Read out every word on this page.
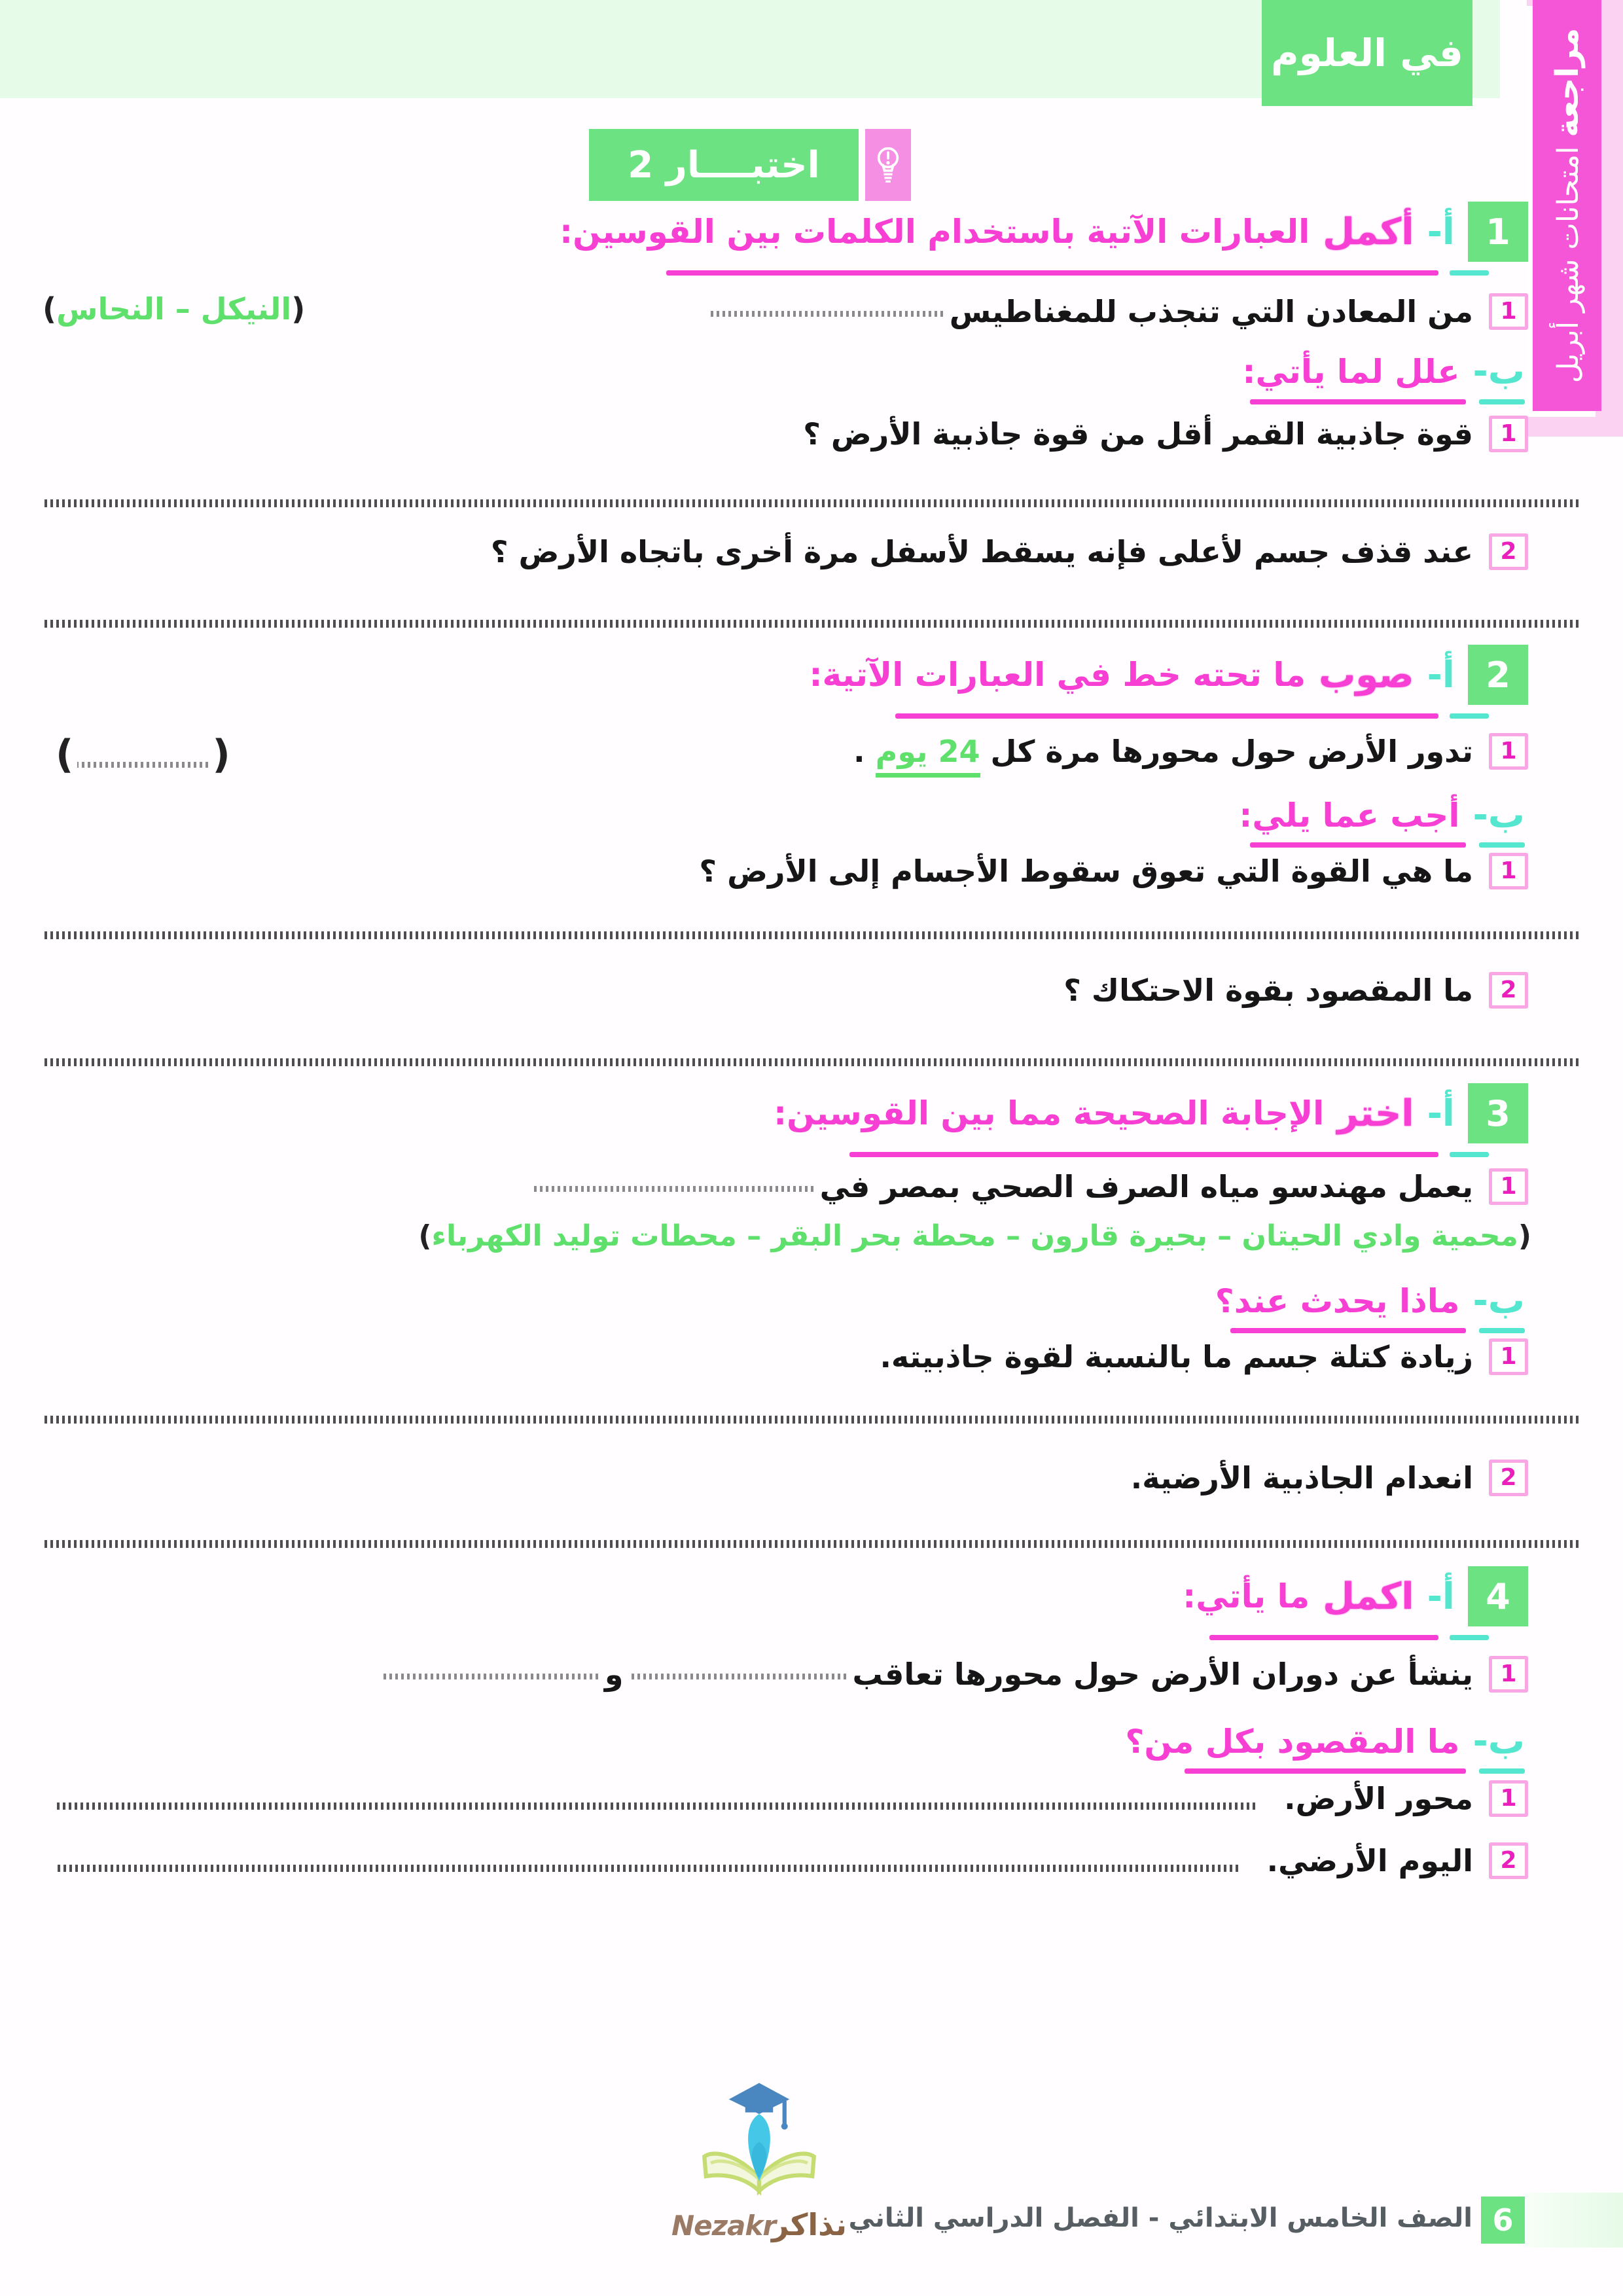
في العلوم	مراجعة امتحانات شهر أبريل
اختبــــار 2
1
أ-
أكمل
العبارات الآتية باستخدام الكلمات بين القوسين:
1
من المعادن التي تنجذب للمغناطيس
(
النيكل – النحاس
)
ب-
علل لما يأتي:
1
قوة جاذبية القمر أقل من قوة جاذبية الأرض ؟
2
عند قذف جسم لأعلى فإنه يسقط لأسفل مرة أخرى باتجاه الأرض ؟
2
أ-
صوب
ما تحته خط في العبارات الآتية:
1
تدور الأرض حول محورها مرة كل 24 يوم .
(
)
ب-
أجب عما يلي:
1
ما هي القوة التي تعوق سقوط الأجسام إلى الأرض ؟
2
ما المقصود بقوة الاحتكاك ؟
3
أ-
اختر
الإجابة الصحيحة مما بين القوسين:
1
يعمل مهندسو مياه الصرف الصحي بمصر في
(
محمية وادي الحيتان – بحيرة قارون – محطة بحر البقر – محطات توليد الكهرباء
)
ب-
ماذا يحدث عند؟
1
زيادة كتلة جسم ما بالنسبة لقوة جاذبيته.
2
انعدام الجاذبية الأرضية.
4
أ-
اكمل
ما يأتي:
1
ينشأ عن دوران الأرض حول محورها تعاقبو
ب-
ما المقصود بكل من؟
1
محور الأرض.
2
اليوم الأرضي.
Nezakr
نذاكر	6
الصف الخامس الابتدائي - الفصل الدراسي الثاني
